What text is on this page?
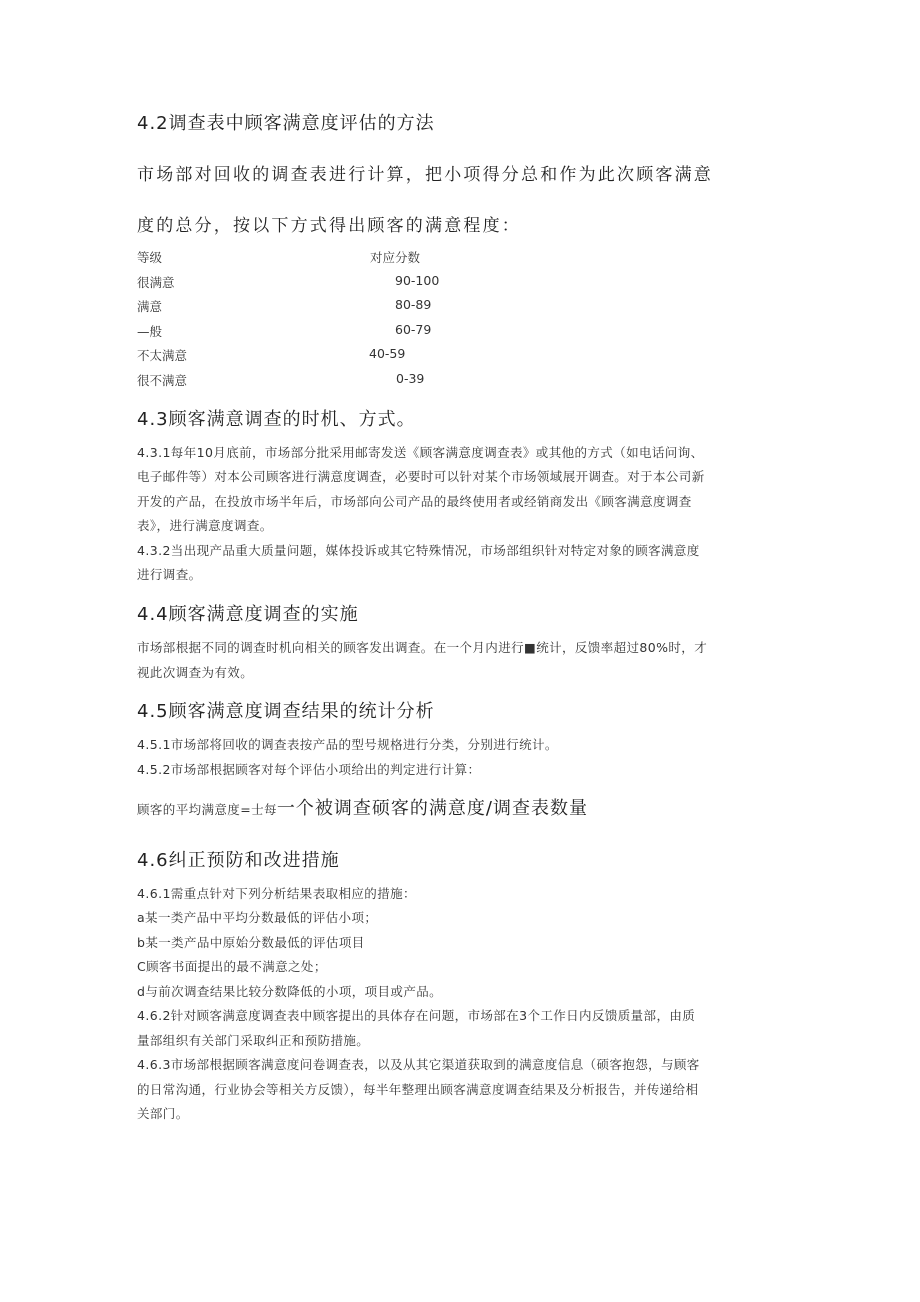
4.2调查表中顾客满意度评估的方法
市场部对回收的调查表进行计算，把小项得分总和作为此次顾客满意
度的总分，按以下方式得出顾客的满意程度：
等级	对应分数
很满意	90-100
满意	80-89
—般	60-79
不太满意	40-59
很不满意	0-39
4.3顾客满意调查的时机、方式。
4.3.1每年10月底前，市场部分批采用邮寄发送《顾客满意度调查表》或其他的方式（如电话问询、
电子邮件等）对本公司顾客进行满意度调查，必要时可以针对某个市场领域展开调查。对于本公司新
开发的产品，在投放市场半年后，市场部向公司产品的最终使用者或经销商发出《顾客满意度调查
表》，进行满意度调查。
4.3.2当出现产品重大质量问题，媒体投诉或其它特殊情况，市场部组织针对特定对象的顾客满意度
进行调查。
4.4顾客满意度调查的实施
市场部根据不同的调查时机向相关的顾客发出调查。在一个月内进行■统计，反馈率超过80%时，才
视此次调查为有效。
4.5顾客满意度调查结果的统计分析
4.5.1市场部将回收的调查表按产品的型号规格进行分类，分别进行统计。
4.5.2市场部根据顾客对每个评估小项给出的判定进行计算：
顾客的平均满意度=士每一个被调查硕客的满意度/调查表数量
4.6纠正预防和改进措施
4.6.1需重点针对下列分析结果表取相应的措施：
a某一类产品中平均分数最低的评估小项；
b某一类产品中原始分数最低的评估项目
C顾客书面提出的最不满意之处；
d与前次调查结果比较分数降低的小项，项目或产品。
4.6.2针对顾客满意度调查表中顾客提出的具体存在问题，市场部在3个工作日内反馈质量部，由质
量部组织有关部门采取纠正和预防措施。
4.6.3市场部根据顾客满意度问卷调查表，以及从其它渠道获取到的满意度信息（硕客抱怨，与顾客
的日常沟通，行业协会等相关方反馈），每半年整理出顾客满意度调查结果及分析报告，并传递给相
关部门。
